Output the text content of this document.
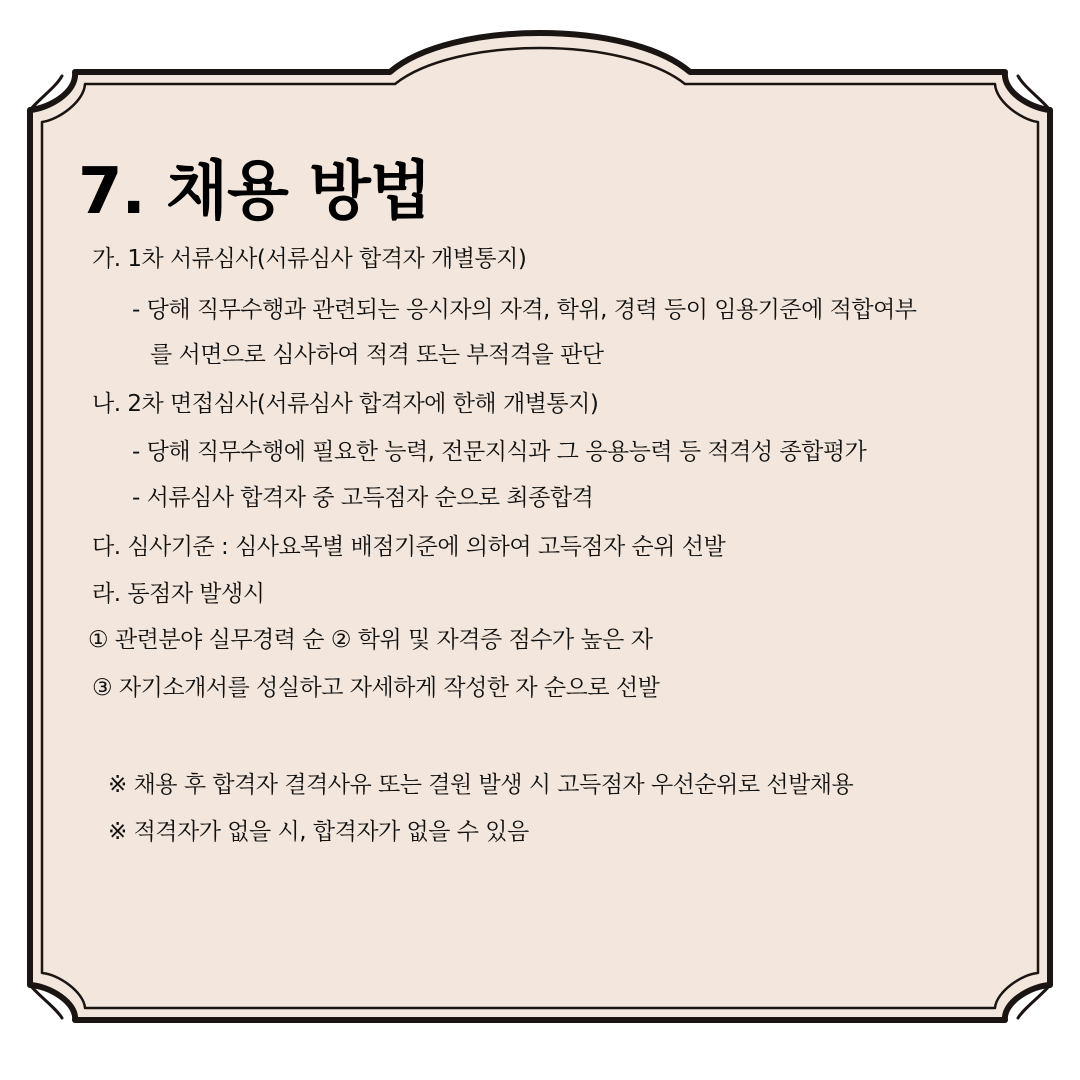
7. 채용 방법
가. 1차 서류심사(서류심사 합격자 개별통지)
- 당해 직무수행과 관련되는 응시자의 자격, 학위, 경력 등이 임용기준에 적합여부
를 서면으로 심사하여 적격 또는 부적격을 판단
나. 2차 면접심사(서류심사 합격자에 한해 개별통지)
- 당해 직무수행에 필요한 능력, 전문지식과 그 응용능력 등 적격성 종합평가
- 서류심사 합격자 중 고득점자 순으로 최종합격
다. 심사기준 : 심사요목별 배점기준에 의하여 고득점자 순위 선발
라. 동점자 발생시
① 관련분야 실무경력 순 ② 학위 및 자격증 점수가 높은 자
③ 자기소개서를 성실하고 자세하게 작성한 자 순으로 선발
※ 채용 후 합격자 결격사유 또는 결원 발생 시 고득점자 우선순위로 선발채용
※ 적격자가 없을 시, 합격자가 없을 수 있음
